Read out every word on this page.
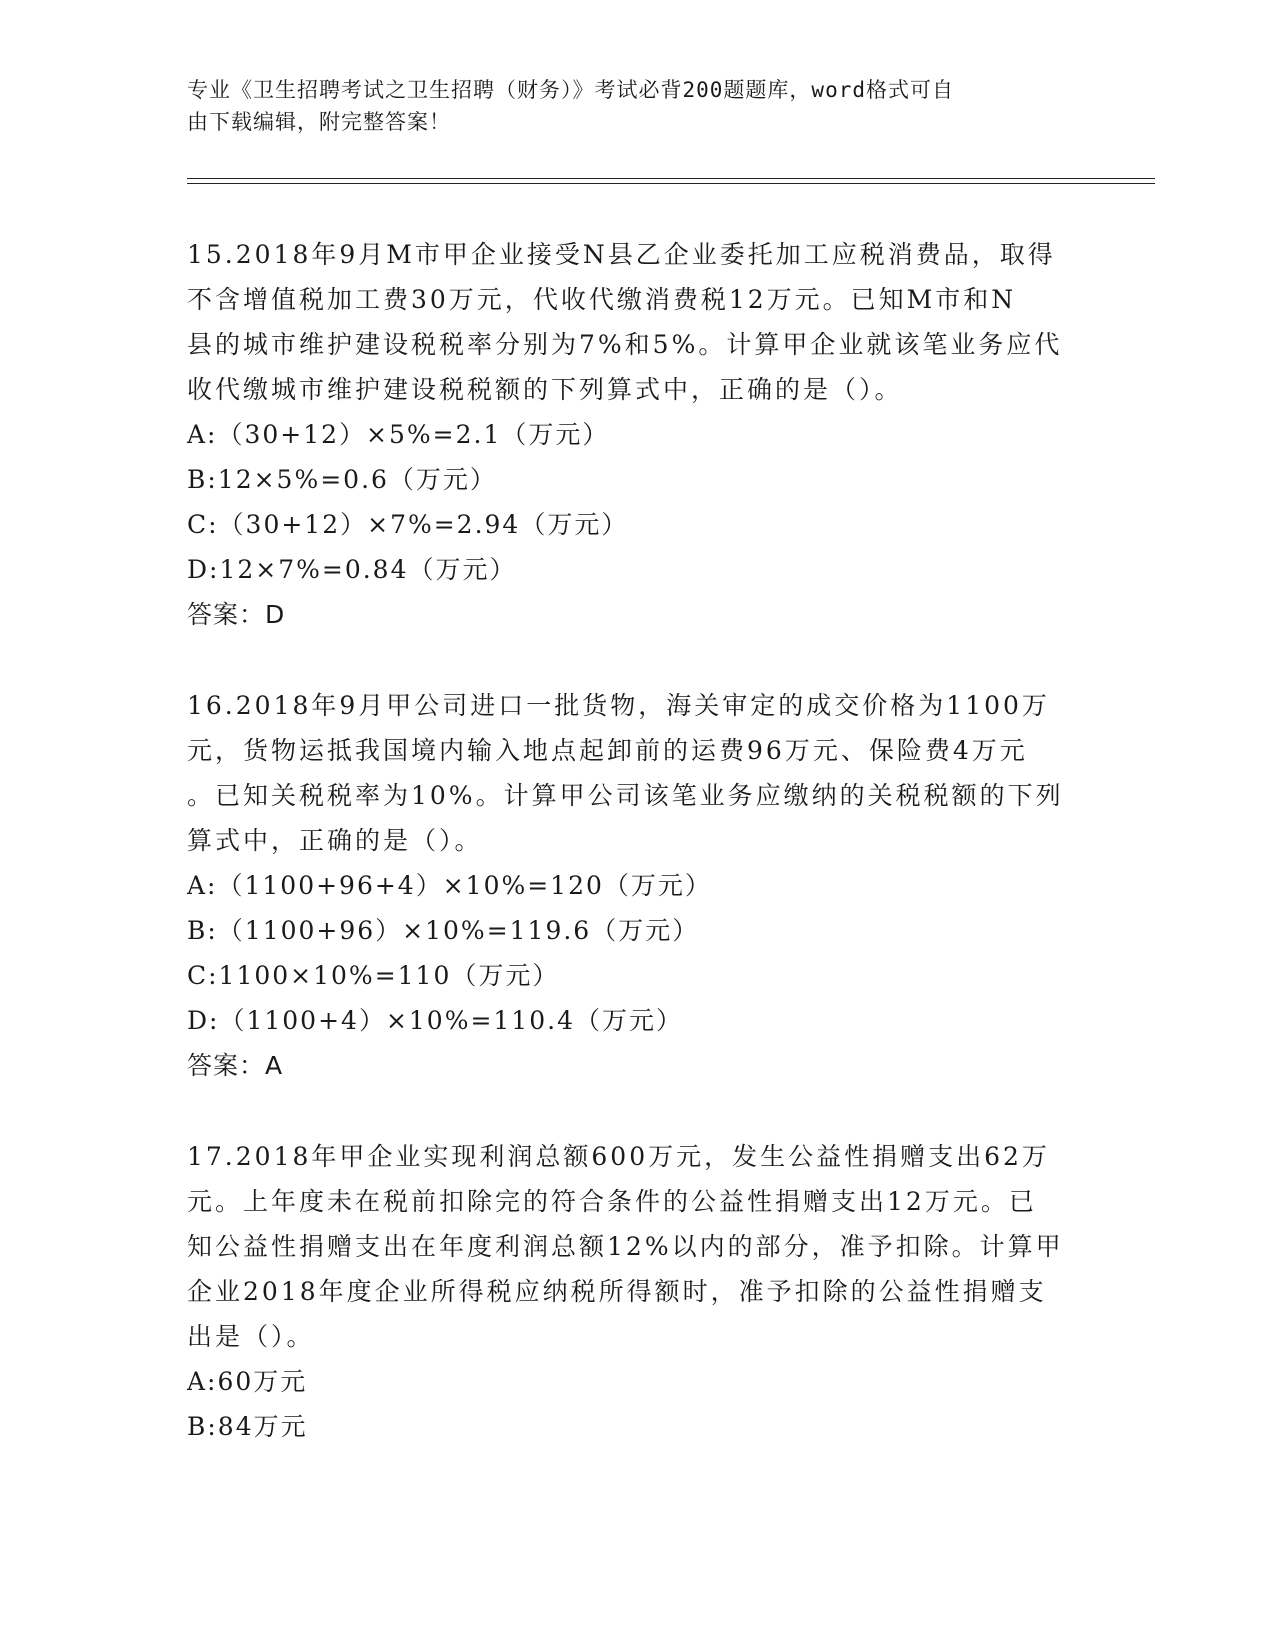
专业《卫生招聘考试之卫生招聘（财务）》考试必背200题题库，word格式可自
由下载编辑，附完整答案！

15.2018年9月M市甲企业接受N县乙企业委托加工应税消费品，取得

不含增值税加工费30万元，代收代缴消费税12万元。已知M市和N

县的城市维护建设税税率分别为7%和5%。计算甲企业就该笔业务应代

收代缴城市维护建设税税额的下列算式中，正确的是（）。

A:（30+12）×5%=2.1（万元）

B:12×5%=0.6（万元）

C:（30+12）×7%=2.94（万元）

D:12×7%=0.84（万元）

答案：D

16.2018年9月甲公司进口一批货物，海关审定的成交价格为1100万

元，货物运抵我国境内输入地点起卸前的运费96万元、保险费4万元

。已知关税税率为10%。计算甲公司该笔业务应缴纳的关税税额的下列

算式中，正确的是（）。

A:（1100+96+4）×10%=120（万元）

B:（1100+96）×10%=119.6（万元）

C:1100×10%=110（万元）

D:（1100+4）×10%=110.4（万元）

答案：A

17.2018年甲企业实现利润总额600万元，发生公益性捐赠支出62万

元。上年度未在税前扣除完的符合条件的公益性捐赠支出12万元。已

知公益性捐赠支出在年度利润总额12%以内的部分，准予扣除。计算甲

企业2018年度企业所得税应纳税所得额时，准予扣除的公益性捐赠支

出是（）。

A:60万元

B:84万元
